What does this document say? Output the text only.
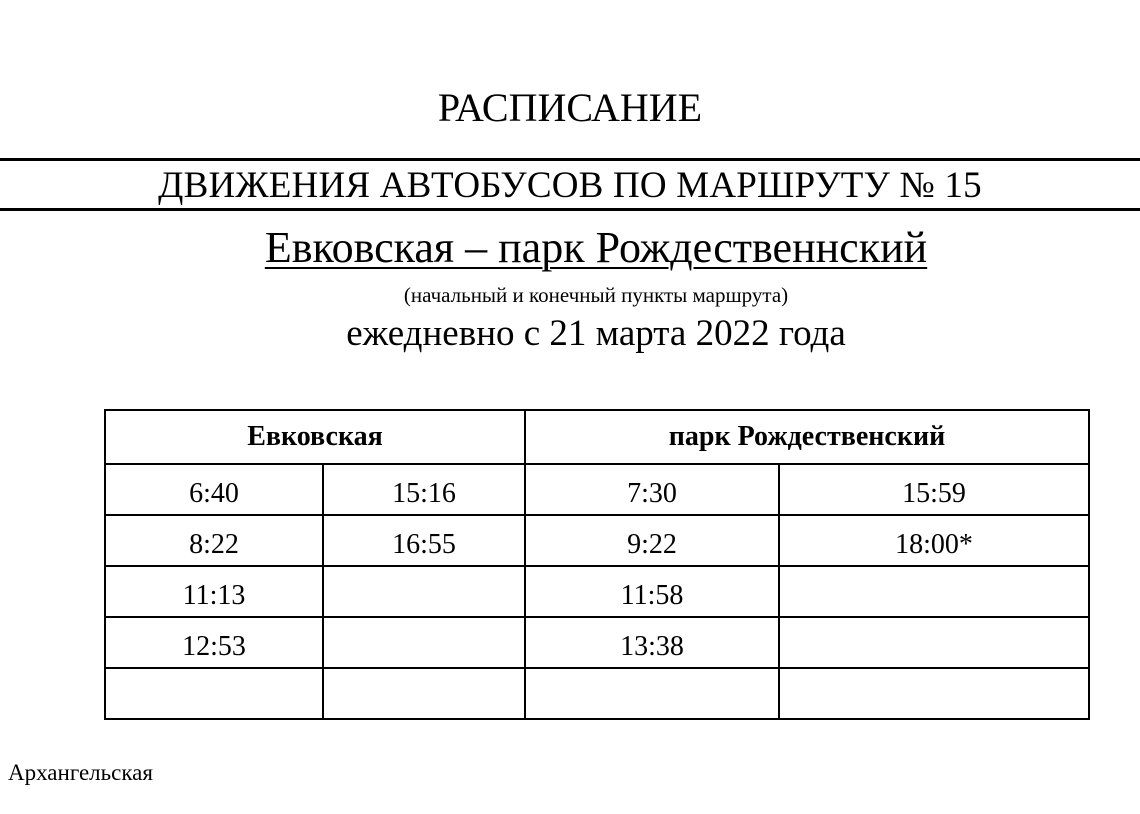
РАСПИСАНИЕ
ДВИЖЕНИЯ АВТОБУСОВ ПО МАРШРУТУ № 15
Евковская – парк Рождественнский
(начальный и конечный пункты маршрута)
ежедневно с 21 марта 2022 года
Евковская		парк Рождественский	
6:40	15:16	7:30	15:59
8:22	16:55	9:22	18:00*
11:13		11:58	
12:53		13:38	

Архангельская
